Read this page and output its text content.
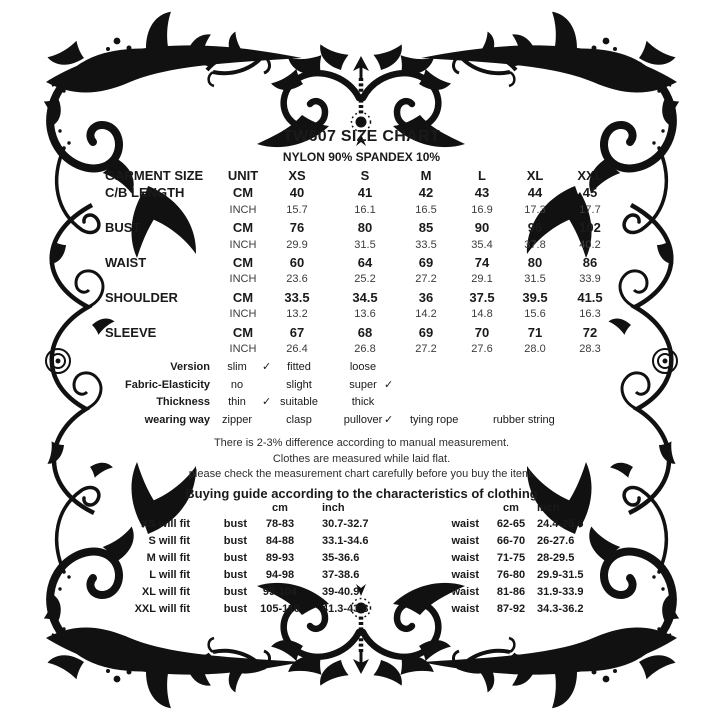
TW607 SIZE CHART
NYLON 90% SPANDEX 10%
GARMENT SIZE	UNIT	XS	S	M	L	XL	XXL
C/B LENGTH	CM	40	41	42	43	44	45
INCH	15.7	16.1	16.5	16.9	17.3	17.7
BUST	CM	76	80	85	90	96	102
INCH	29.9	31.5	33.5	35.4	37.8	40.2
WAIST	CM	60	64	69	74	80	86
INCH	23.6	25.2	27.2	29.1	31.5	33.9
SHOULDER	CM	33.5	34.5	36	37.5	39.5	41.5
INCH	13.2	13.6	14.2	14.8	15.6	16.3
SLEEVE	CM	67	68	69	70	71	72
INCH	26.4	26.8	27.2	27.6	28.0	28.3
Version slim ✓ fitted	loose
Fabric-Elasticity no	slight	super ✓
Thickness thin ✓ suitable	thick
wearing way zipper	clasp	pullover ✓ tying rope	rubber string

There is 2-3% difference according to manual measurement.

Clothes are measured while laid flat.

please check the measurement chart carefully before you buy the item.

Buying guide according to the characteristics of clothing

cm	inch	cm	inch
XS will fit	bust	78-83	30.7-32.7	waist	62-65	24.4-25.6
S will fit	bust	84-88	33.1-34.6	waist	66-70	26-27.6
M will fit	bust	89-93	35-36.6	waist	71-75	28-29.5
L will fit	bust	94-98	37-38.6	waist	76-80	29.9-31.5
XL will fit	bust	99-104	39-40.9	waist	81-86	31.9-33.9
XXL will fit	bust	105-110	41.3-43.3	waist	87-92	34.3-36.2
